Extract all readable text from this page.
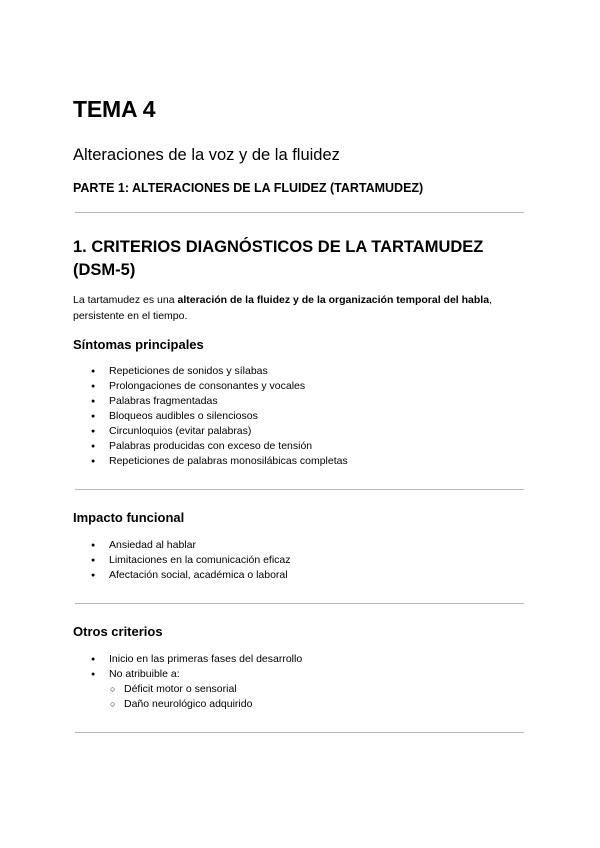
TEMA 4
Alteraciones de la voz y de la fluidez
PARTE 1: ALTERACIONES DE LA FLUIDEZ (TARTAMUDEZ)
1. CRITERIOS DIAGNÓSTICOS DE LA TARTAMUDEZ (DSM-5)

La tartamudez es una alteración de la fluidez y de la organización temporal del habla, persistente en el tiempo.

Síntomas principales
● Repeticiones de sonidos y sílabas
● Prolongaciones de consonantes y vocales
● Palabras fragmentadas
● Bloqueos audibles o silenciosos
● Circunloquios (evitar palabras)
● Palabras producidas con exceso de tensión
● Repeticiones de palabras monosilábicas completas
Impacto funcional
● Ansiedad al hablar
● Limitaciones en la comunicación eficaz
● Afectación social, académica o laboral
Otros criterios
● Inicio en las primeras fases del desarrollo
● No atribuible a:
○ Déficit motor o sensorial
○ Daño neurológico adquirido
